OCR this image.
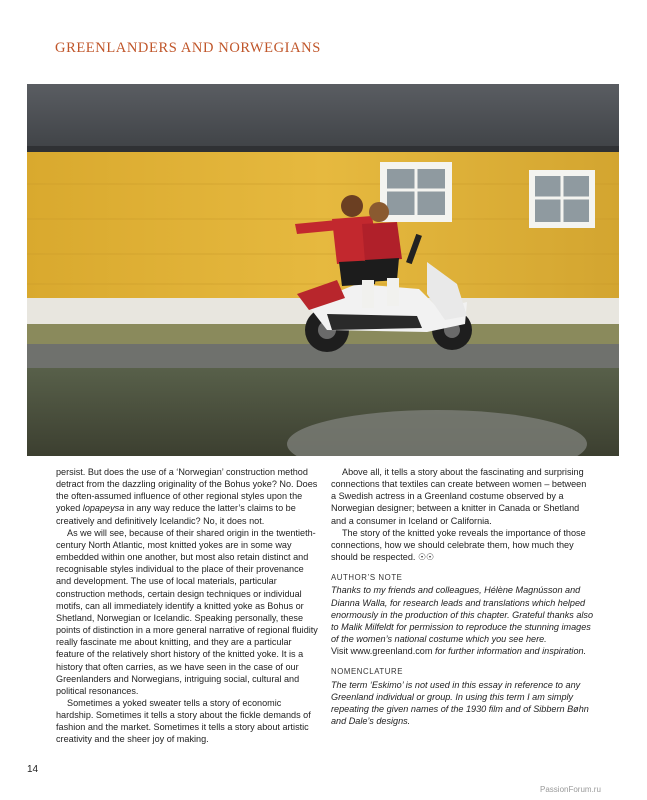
GREENLANDERS AND NORWEGIANS

persist. But does the use of a ‘Norwegian’ construction method detract from the dazzling originality of the Bohus yoke? No. Does the often-assumed influence of other regional styles upon the yoked lopapeysa in any way reduce the latter’s claims to be creatively and definitively Icelandic? No, it does not.

As we will see, because of their shared origin in the twentieth-century North Atlantic, most knitted yokes are in some way embedded within one another, but most also retain distinct and recognisable styles individual to the place of their provenance and development. The use of local materials, particular construction methods, certain design techniques or individual motifs, can all immediately identify a knitted yoke as Bohus or Shetland, Norwegian or Icelandic. Speaking personally, these points of distinction in a more general narrative of regional fluidity really fascinate me about knitting, and they are a particular feature of the relatively short history of the knitted yoke. It is a history that often carries, as we have seen in the case of our Greenlanders and Norwegians, intriguing social, cultural and political resonances.

Sometimes a yoked sweater tells a story of economic hardship. Sometimes it tells a story about the fickle demands of fashion and the market. Sometimes it tells a story about artistic creativity and the sheer joy of making.

Above all, it tells a story about the fascinating and surprising connections that textiles can create between women – between a Swedish actress in a Greenland costume observed by a Norwegian designer; between a knitter in Canada or Shetland and a consumer in Iceland or California.

The story of the knitted yoke reveals the importance of those connections, how we should celebrate them, how much they should be respected. ☉☉

AUTHOR’S NOTE

Thanks to my friends and colleagues, Hélène Magnússon and Dianna Walla, for research leads and translations which helped enormously in the production of this chapter. Grateful thanks also to Malik Milfeldt for permission to reproduce the stunning images of the women’s national costume which you see here.
Visit www.greenland.com for further information and inspiration.

NOMENCLATURE

The term ‘Eskimo’ is not used in this essay in reference to any Greenland individual or group. In using this term I am simply repeating the given names of the 1930 film and of Sibbern Bøhn and Dale’s designs.

14
PassionForum.ru
